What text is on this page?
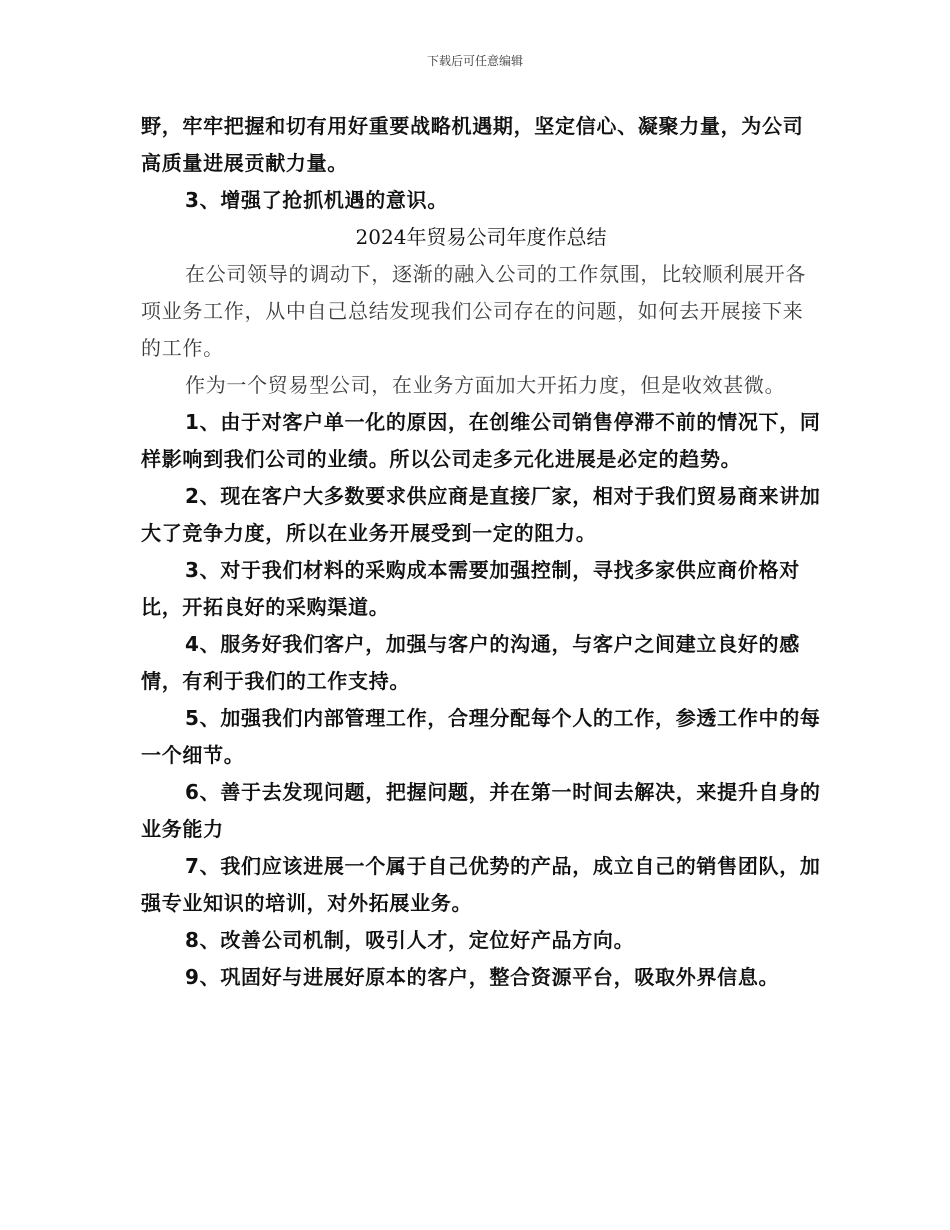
下载后可任意编辑

野，牢牢把握和切有用好重要战略机遇期，坚定信心、凝聚力量，为公司高质量进展贡献力量。

3、增强了抢抓机遇的意识。

2024年贸易公司年度作总结

在公司领导的调动下，逐渐的融入公司的工作氛围，比较顺利展开各项业务工作，从中自己总结发现我们公司存在的问题，如何去开展接下来的工作。

作为一个贸易型公司，在业务方面加大开拓力度，但是收效甚微。

1、由于对客户单一化的原因，在创维公司销售停滞不前的情况下，同样影响到我们公司的业绩。所以公司走多元化进展是必定的趋势。

2、现在客户大多数要求供应商是直接厂家，相对于我们贸易商来讲加大了竞争力度，所以在业务开展受到一定的阻力。

3、对于我们材料的采购成本需要加强控制，寻找多家供应商价格对比，开拓良好的采购渠道。

4、服务好我们客户，加强与客户的沟通，与客户之间建立良好的感情，有利于我们的工作支持。

5、加强我们内部管理工作，合理分配每个人的工作，参透工作中的每一个细节。

6、善于去发现问题，把握问题，并在第一时间去解决，来提升自身的业务能力

7、我们应该进展一个属于自己优势的产品，成立自己的销售团队，加强专业知识的培训，对外拓展业务。

8、改善公司机制，吸引人才，定位好产品方向。

9、巩固好与进展好原本的客户，整合资源平台，吸取外界信息。
